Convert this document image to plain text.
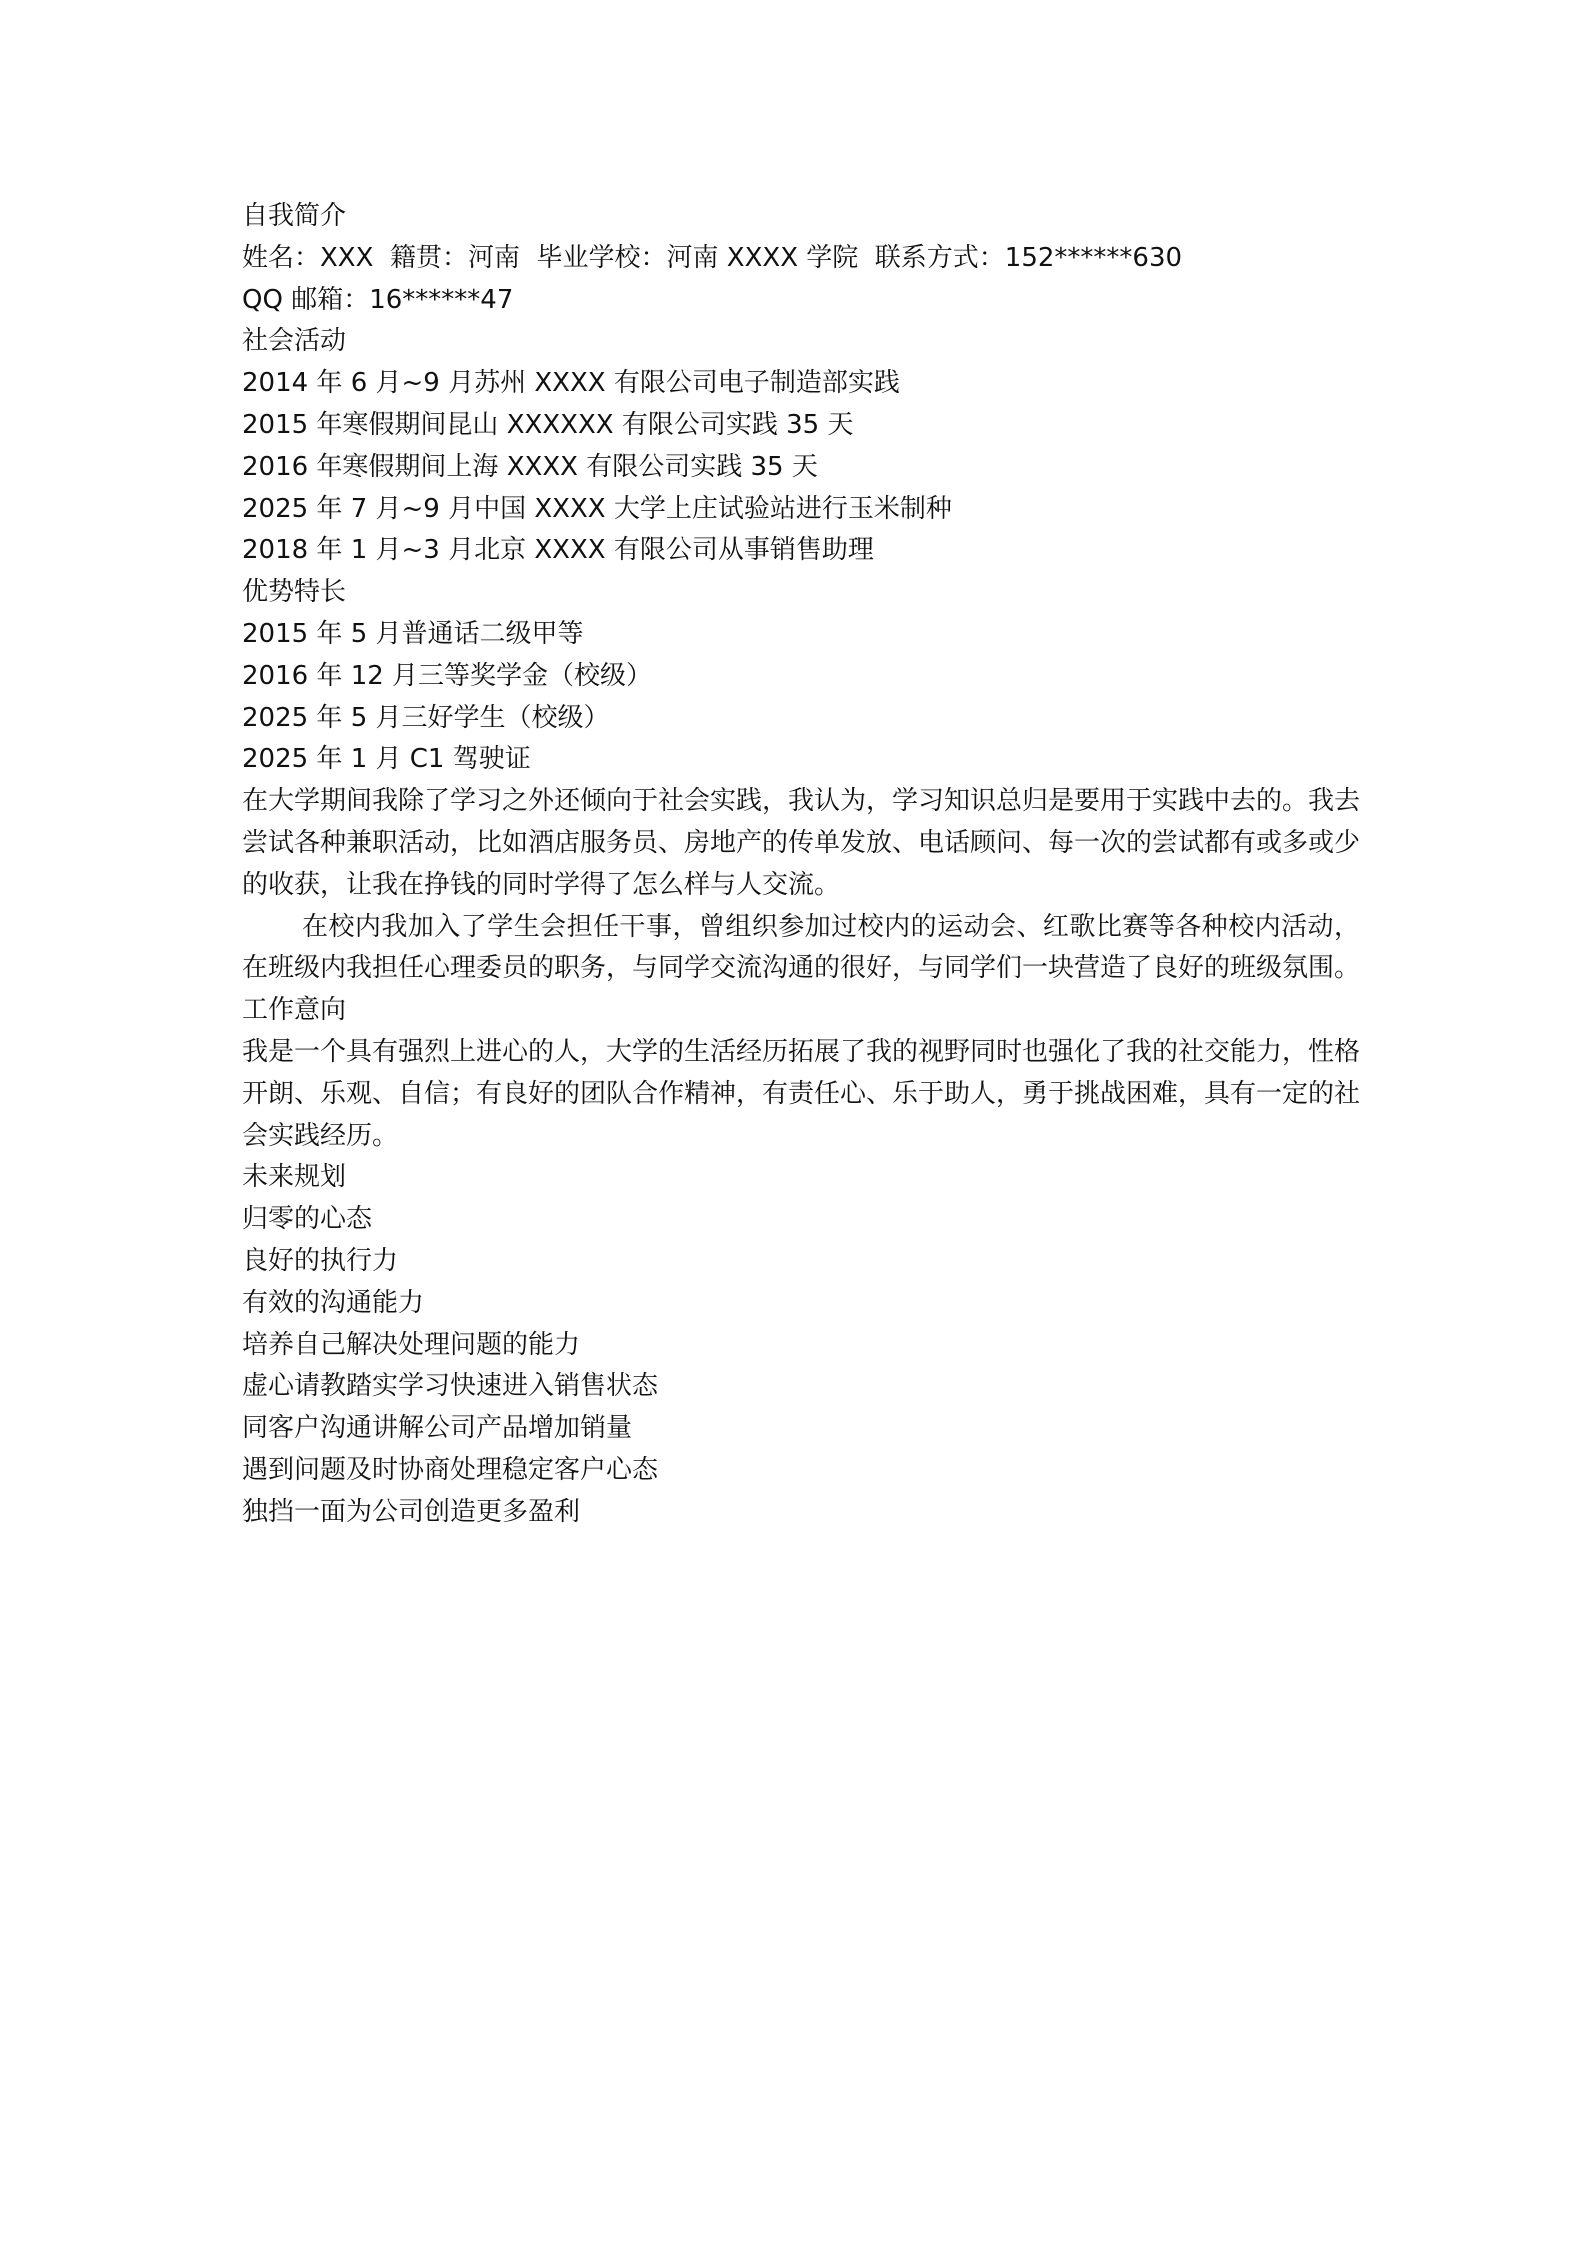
自我简介
姓名：XXX  籍贯：河南  毕业学校：河南 XXXX 学院  联系方式：152******630
QQ 邮箱：16******47
社会活动
2014 年 6 月~9 月苏州 XXXX 有限公司电子制造部实践
2015 年寒假期间昆山 XXXXXX 有限公司实践 35 天
2016 年寒假期间上海 XXXX 有限公司实践 35 天
2025 年 7 月~9 月中国 XXXX 大学上庄试验站进行玉米制种
2018 年 1 月~3 月北京 XXXX 有限公司从事销售助理
优势特长
2015 年 5 月普通话二级甲等
2016 年 12 月三等奖学金（校级）
2025 年 5 月三好学生（校级）
2025 年 1 月 C1 驾驶证
在大学期间我除了学习之外还倾向于社会实践，我认为，学习知识总归是要用于实践中去的。我去尝试各种兼职活动，比如酒店服务员、房地产的传单发放、电话顾问、每一次的尝试都有或多或少的收获，让我在挣钱的同时学得了怎么样与人交流。
在校内我加入了学生会担任干事，曾组织参加过校内的运动会、红歌比赛等各种校内活动，在班级内我担任心理委员的职务，与同学交流沟通的很好，与同学们一块营造了良好的班级氛围。
工作意向
我是一个具有强烈上进心的人，大学的生活经历拓展了我的视野同时也强化了我的社交能力，性格开朗、乐观、自信；有良好的团队合作精神，有责任心、乐于助人，勇于挑战困难，具有一定的社会实践经历。
未来规划
归零的心态
良好的执行力
有效的沟通能力
培养自己解决处理问题的能力
虚心请教踏实学习快速进入销售状态
同客户沟通讲解公司产品增加销量
遇到问题及时协商处理稳定客户心态
独挡一面为公司创造更多盈利
